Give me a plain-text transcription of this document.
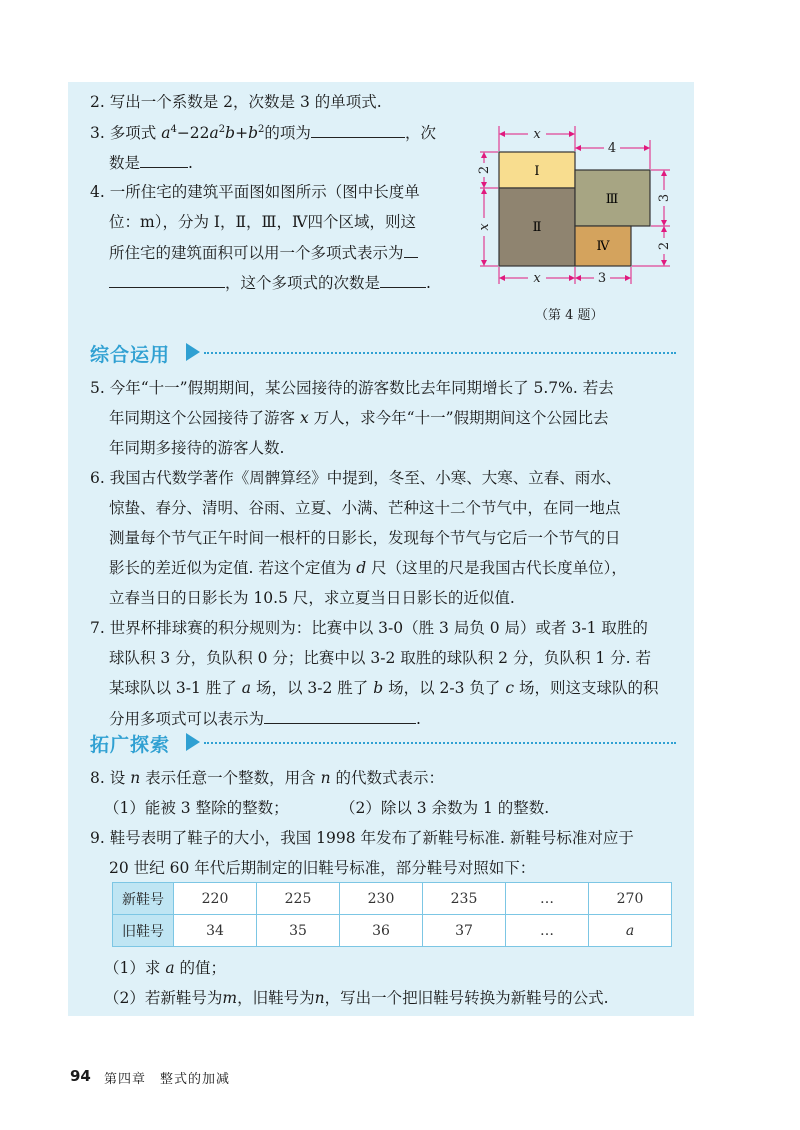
2. 写出一个系数是 2，次数是 3 的单项式.
3. 多项式 $a^4-22a^2b+b^2$的项为	，次
数是	.
4. 一所住宅的建筑平面图如图所示（图中长度单
位：m），分为 Ⅰ，Ⅱ，Ⅲ，Ⅳ四个区域，则这
所住宅的建筑面积可以用一个多项式表示为
，这个多项式的次数是	.
Ⅰ
Ⅱ
Ⅲ
Ⅳ
x
4
2
x
3
2
x	3
（第 4 题）
综合运用
5. 今年“十一”假期期间，某公园接待的游客数比去年同期增长了 5.7%. 若去
年同期这个公园接待了游客 x 万人，求今年“十一”假期期间这个公园比去
年同期多接待的游客人数.
6. 我国古代数学著作《周髀算经》中提到，冬至、小寒、大寒、立春、雨水、
惊蛰、春分、清明、谷雨、立夏、小满、芒种这十二个节气中，在同一地点
测量每个节气正午时间一根杆的日影长，发现每个节气与它后一个节气的日
影长的差近似为定值. 若这个定值为 d 尺（这里的尺是我国古代长度单位），
立春当日的日影长为 10.5 尺，求立夏当日日影长的近似值.
7. 世界杯排球赛的积分规则为：比赛中以 3-0（胜 3 局负 0 局）或者 3-1 取胜的
球队积 3 分，负队积 0 分；比赛中以 3-2 取胜的球队积 2 分，负队积 1 分. 若
某球队以 3-1 胜了 a 场，以 3-2 胜了 b 场，以 2-3 负了 c 场，则这支球队的积
分用多项式可以表示为	.
拓广探索
8. 设 n 表示任意一个整数，用含 n 的代数式表示：
（1）能被 3 整除的整数；	（2）除以 3 余数为 1 的整数.
9. 鞋号表明了鞋子的大小，我国 1998 年发布了新鞋号标准. 新鞋号标准对应于
20 世纪 60 年代后期制定的旧鞋号标准，部分鞋号对照如下：
新鞋号	220	225	230	235	…	270
旧鞋号	34	35	36	37	…	a
（1）求 a 的值；
（2）若新鞋号为m，旧鞋号为n，写出一个把旧鞋号转换为新鞋号的公式.
94 第四章　整式的加减
